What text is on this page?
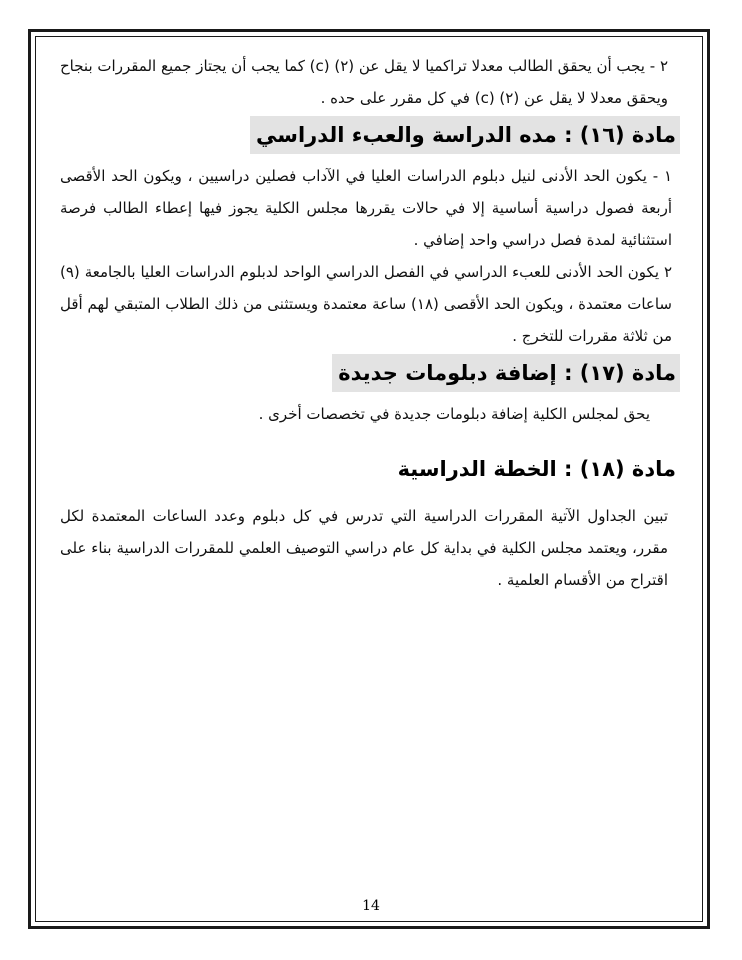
٢ - يجب أن يحقق الطالب معدلا تراكميا لا يقل عن (٢) (c) كما يجب أن يجتاز جميع المقررات بنجاح ويحقق معدلا لا يقل عن (٢) (c) في كل مقرر على حده .

مادة (١٦) : مده الدراسة والعبء الدراسي

١ - يكون الحد الأدنى لنيل دبلوم الدراسات العليا في الآداب فصلين دراسيين ، ويكون الحد الأقصى أربعة فصول دراسية أساسية إلا في حالات يقررها مجلس الكلية يجوز فيها إعطاء الطالب فرصة استثنائية لمدة فصل دراسي واحد إضافي .

٢ يكون الحد الأدنى للعبء الدراسي في الفصل الدراسي الواحد لدبلوم الدراسات العليا بالجامعة (٩) ساعات معتمدة ، ويكون الحد الأقصى (١٨) ساعة معتمدة ويستثنى من ذلك الطلاب المتبقي لهم أقل من ثلاثة مقررات للتخرج .

مادة (١٧) : إضافة دبلومات جديدة

يحق لمجلس الكلية إضافة دبلومات جديدة في تخصصات أخرى .

مادة (١٨) : الخطة الدراسية

تبين الجداول الآتية المقررات الدراسية التي تدرس في كل دبلوم وعدد الساعات المعتمدة لكل مقرر، ويعتمد مجلس الكلية في بداية كل عام دراسي التوصيف العلمي للمقررات الدراسية بناء على اقتراح من الأقسام العلمية .

14
